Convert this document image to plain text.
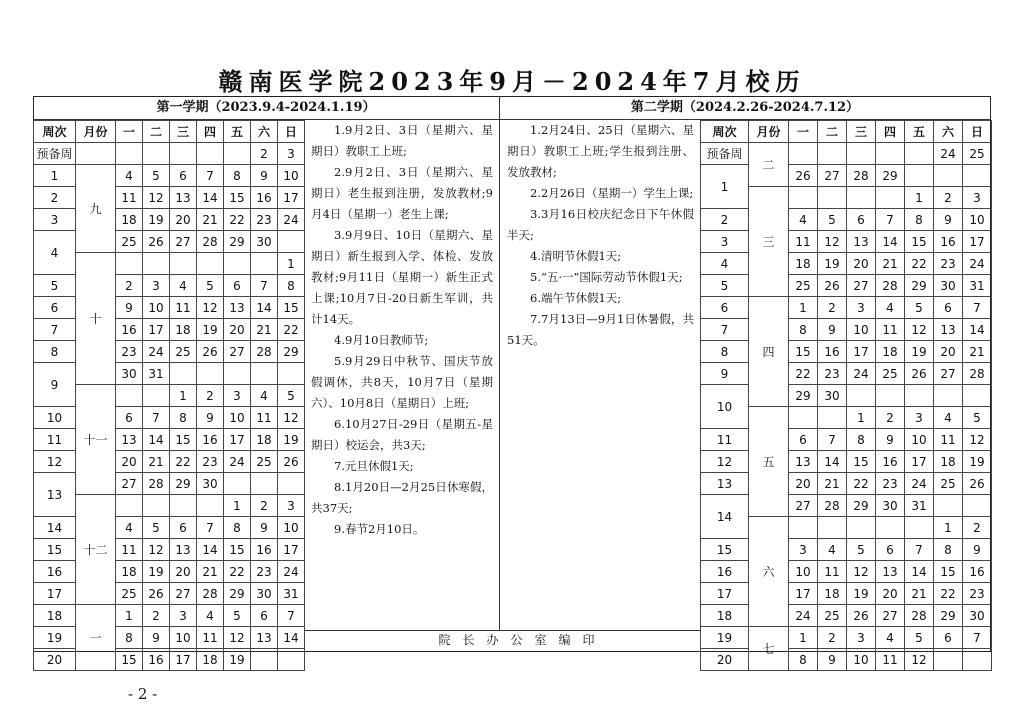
赣南医学院2023年9月－2024年7月校历
第一学期（2023.9.4-2024.1.19）	第二学期（2024.2.26-2024.7.12）
周次	月份	一	二	三	四	五	六	日
预备周							2	3
1	九	4	5	6	7	8	9	10
2		11	12	13	14	15	16	17
3		18	19	20	21	22	23	24
4		25	26	27	28	29	30	
	十							1
5		2	3	4	5	6	7	8
6		9	10	11	12	13	14	15
7		16	17	18	19	20	21	22
8		23	24	25	26	27	28	29
9		30	31					
	十一			1	2	3	4	5
10		6	7	8	9	10	11	12
11		13	14	15	16	17	18	19
12		20	21	22	23	24	25	26
13		27	28	29	30			
	十二					1	2	3
14		4	5	6	7	8	9	10
15		11	12	13	14	15	16	17
16		18	19	20	21	22	23	24
17		25	26	27	28	29	30	31
18	一	1	2	3	4	5	6	7
19		8	9	10	11	12	13	14
20		15	16	17	18	19		
周次	月份	一	二	三	四	五	六	日
预备周	二						24	25
1		26	27	28	29			
	三					1	2	3
2		4	5	6	7	8	9	10
3		11	12	13	14	15	16	17
4		18	19	20	21	22	23	24
5		25	26	27	28	29	30	31
6	四	1	2	3	4	5	6	7
7		8	9	10	11	12	13	14
8		15	16	17	18	19	20	21
9		22	23	24	25	26	27	28
10		29	30					
	五			1	2	3	4	5
11		6	7	8	9	10	11	12
12		13	14	15	16	17	18	19
13		20	21	22	23	24	25	26
14		27	28	29	30	31		
	六						1	2
15		3	4	5	6	7	8	9
16		10	11	12	13	14	15	16
17		17	18	19	20	21	22	23
18		24	25	26	27	28	29	30
19	七	1	2	3	4	5	6	7
20		8	9	10	11	12		

1.9月2日、3日（星期六、星期日）教职工上班;

2.9月2日、3日（星期六、星期日）老生报到注册，发放教材;9月4日（星期一）老生上课;

3.9月9日、10日（星期六、星期日）新生报到入学、体检、发放教材;9月11日（星期一）新生正式上课;10月7日-20日新生军训，共计14天。

4.9月10日教师节;

5.9月29日中秋节、国庆节放假调休，共8天，10月7日（星期六）、10月8日（星期日）上班;

6.10月27日-29日（星期五-星期日）校运会，共3天;

7.元旦休假1天;

8.1月20日—2月25日休寒假，共37天;

9.春节2月10日。

1.2月24日、25日（星期六、星期日）教职工上班;学生报到注册、发放教材;

2.2月26日（星期一）学生上课;

3.3月16日校庆纪念日下午休假半天;

4.清明节休假1天;

5.“五·一”国际劳动节休假1天;

6.端午节休假1天;

7.7月13日—9月1日休暑假，共51天。

院长办公室编印
- 2 -
